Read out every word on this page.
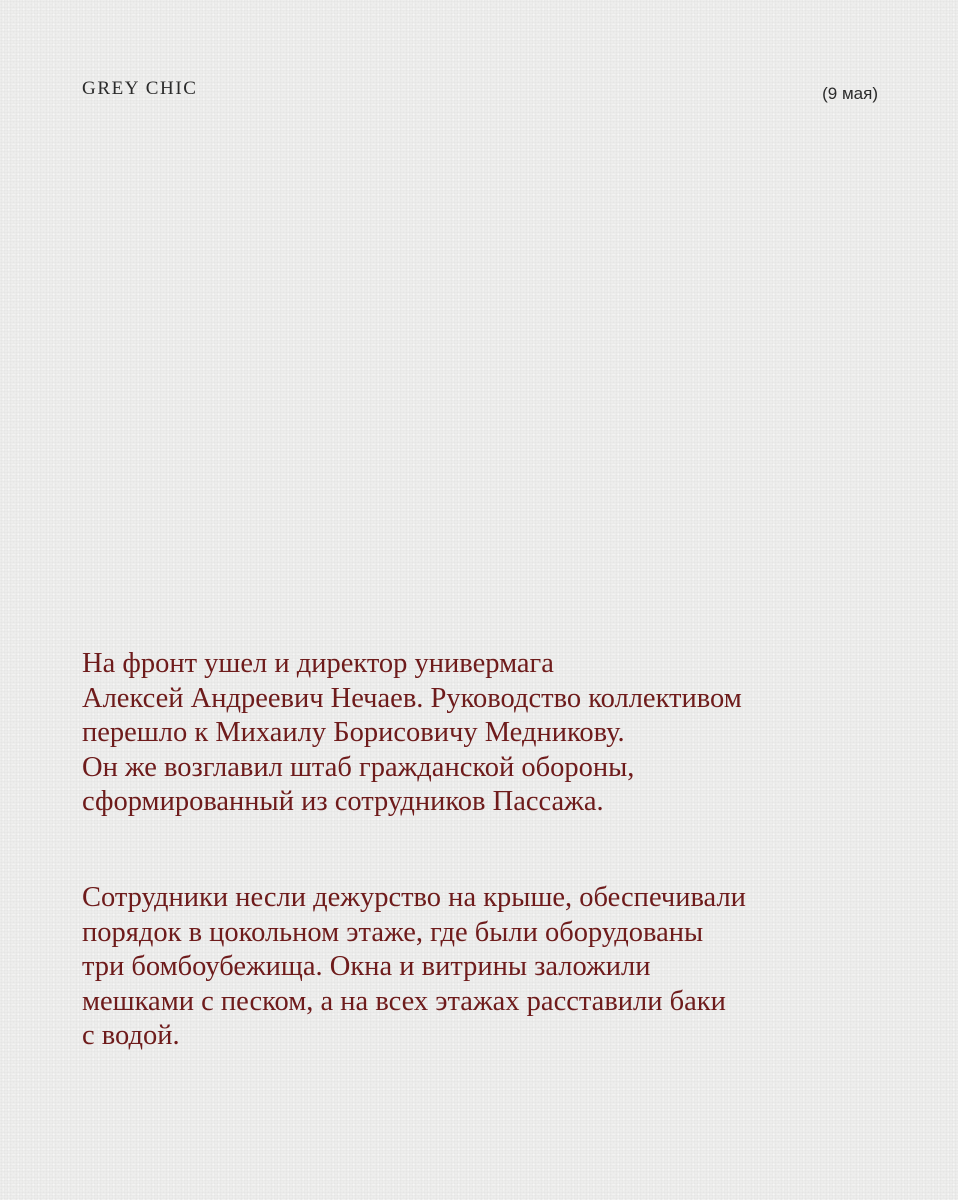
GREY CHIC	(9 мая)

На фронт ушел и директор универмага
Алексей Андреевич Нечаев. Руководство коллективом
перешло к Михаилу Борисовичу Медникову.
Он же возглавил штаб гражданской обороны,
сформированный из сотрудников Пассажа.

Сотрудники несли дежурство на крыше, обеспечивали
порядок в цокольном этаже, где были оборудованы
три бомбоубежища. Окна и витрины заложили
мешками с песком, а на всех этажах расставили баки
с водой.
